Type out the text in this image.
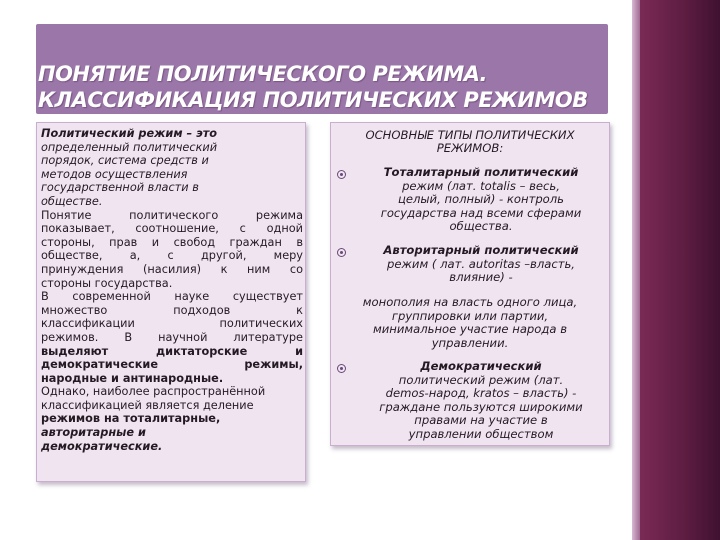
ПОНЯТИЕ ПОЛИТИЧЕСКОГО РЕЖИМА.
КЛАССИФИКАЦИЯ ПОЛИТИЧЕСКИХ РЕЖИМОВ

Политический режим – это

определенный политический

порядок, система средств и

методов осуществления

государственной власти в

обществе.

Понятие политического режима

показывает, соотношение, с одной

стороны, прав и свобод граждан в

обществе, а, с другой, меру

принуждения (насилия) к ним со

стороны государства.

В современной науке существует

множество подходов к

классификации политических

режимов. В научной литературе

выделяют диктаторские и

демократические режимы,

народные и антинародные.

Однако, наиболее распространённой

классификацией является деление

режимов на тоталитарные,

авторитарные и

демократические.

ОСНОВНЫЕ ТИПЫ ПОЛИТИЧЕСКИХ
РЕЖИМОВ:
Тоталитарный политический
режим (лат. totalis – весь,
целый, полный) - контроль
государства над всеми сферами
общества.
Авторитарный политический
режим ( лат. autoritas –власть,
влияние) -
монополия на власть одного лица,
группировки или партии,
минимальное участие народа в
управлении.
Демократический
политический режим (лат.
demos-народ, kratos – власть) -
граждане пользуются широкими
правами на участие в
управлении обществом
